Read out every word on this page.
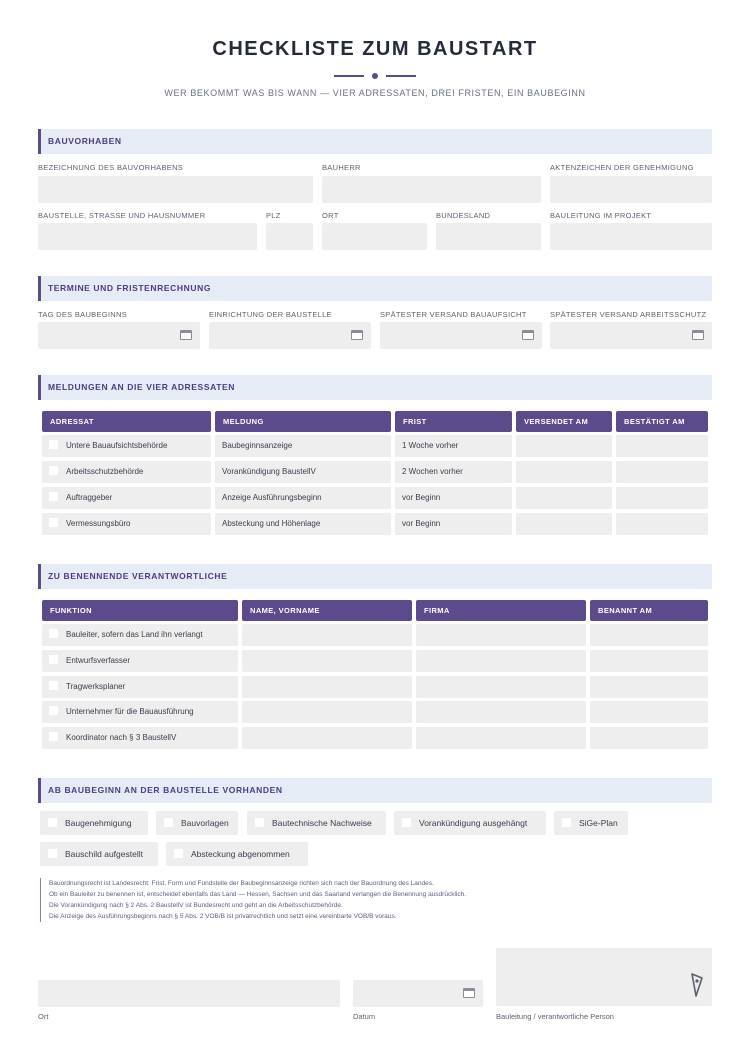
CHECKLISTE ZUM BAUSTART
WER BEKOMMT WAS BIS WANN — VIER ADRESSATEN, DREI FRISTEN, EIN BAUBEGINN
BAUVORHABEN
BEZEICHNUNG DES BAUVORHABENS	BAUHERR	AKTENZEICHEN DER GENEHMIGUNG
BAUSTELLE, STRASSE UND HAUSNUMMER	PLZ	ORT	BUNDESLAND	BAULEITUNG IM PROJEKT
TERMINE UND FRISTENRECHNUNG
TAG DES BAUBEGINNS	EINRICHTUNG DER BAUSTELLE	SPÄTESTER VERSAND BAUAUFSICHT	SPÄTESTER VERSAND ARBEITSSCHUTZ
MELDUNGEN AN DIE VIER ADRESSATEN
ADRESSAT	MELDUNG	FRIST	VERSENDET AM	BESTÄTIGT AM
Untere Bauaufsichtsbehörde	Baubeginnsanzeige	1 Woche vorher
Arbeitsschutzbehörde	Vorankündigung BaustellV	2 Wochen vorher
Auftraggeber	Anzeige Ausführungsbeginn	vor Beginn
Vermessungsbüro	Absteckung und Höhenlage	vor Beginn
ZU BENENNENDE VERANTWORTLICHE
FUNKTION	NAME, VORNAME	FIRMA	BENANNT AM
Bauleiter, sofern das Land ihn verlangt
Entwurfsverfasser
Tragwerksplaner
Unternehmer für die Bauausführung
Koordinator nach § 3 BaustellV
AB BAUBEGINN AN DER BAUSTELLE VORHANDEN
Baugenehmigung	Bauvorlagen	Bautechnische Nachweise	Vorankündigung ausgehängt	SiGe-Plan
Bauschild aufgestellt	Absteckung abgenommen
Bauordnungsrecht ist Landesrecht: Frist, Form und Fundstelle der Baubeginnsanzeige richten sich nach der Bauordnung des Landes.
Ob ein Bauleiter zu benennen ist, entscheidet ebenfalls das Land — Hessen, Sachsen und das Saarland verlangen die Benennung ausdrücklich.
Die Vorankündigung nach § 2 Abs. 2 BaustellV ist Bundesrecht und geht an die Arbeitsschutzbehörde.
Die Anzeige des Ausführungsbeginns nach § 5 Abs. 2 VOB/B ist privatrechtlich und setzt eine vereinbarte VOB/B voraus.
Ort	Datum	Bauleitung / verantwortliche Person
